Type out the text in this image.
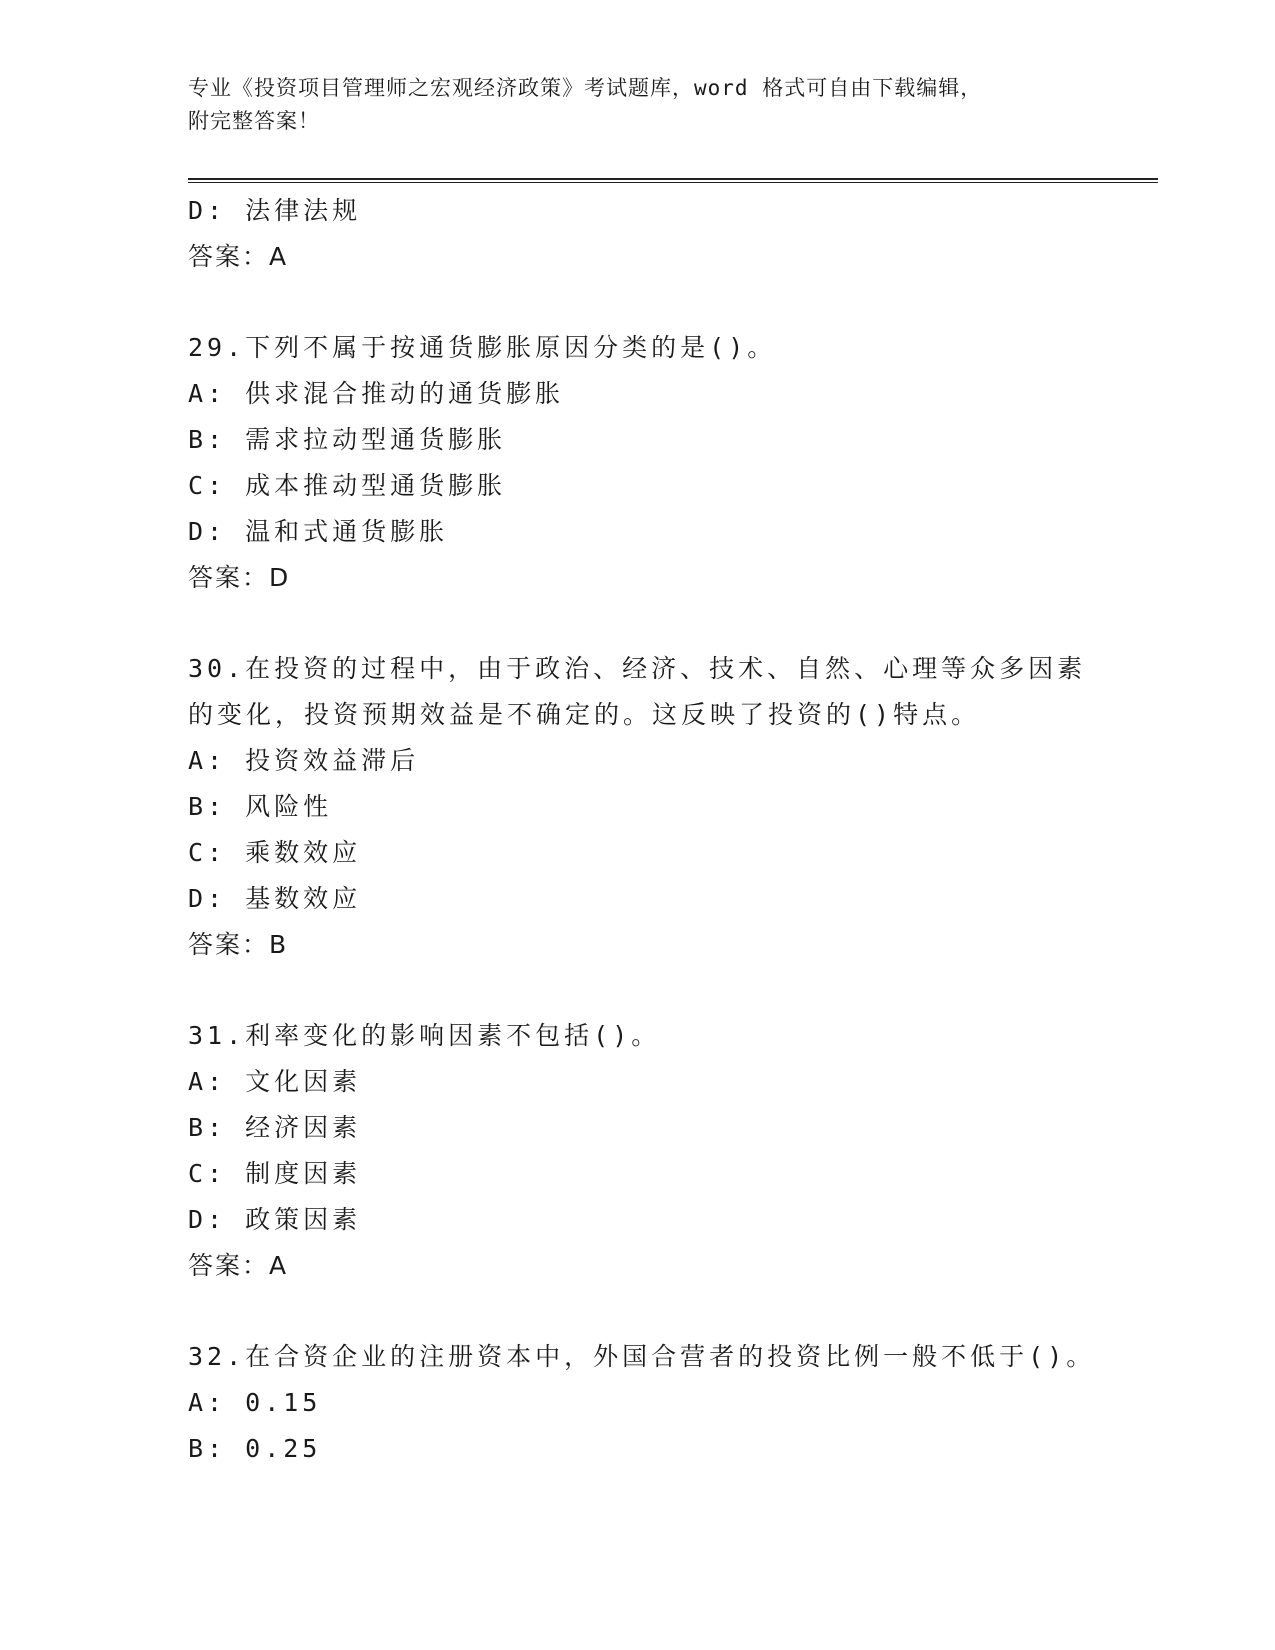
专业《投资项目管理师之宏观经济政策》考试题库，word 格式可自由下载编辑，
附完整答案！
D: 法律法规
答案：A
29.下列不属于按通货膨胀原因分类的是()。
A: 供求混合推动的通货膨胀
B: 需求拉动型通货膨胀
C: 成本推动型通货膨胀
D: 温和式通货膨胀
答案：D
30.在投资的过程中，由于政治、经济、技术、自然、心理等众多因素
的变化，投资预期效益是不确定的。这反映了投资的()特点。
A: 投资效益滞后
B: 风险性
C: 乘数效应
D: 基数效应
答案：B
31.利率变化的影响因素不包括()。
A: 文化因素
B: 经济因素
C: 制度因素
D: 政策因素
答案：A
32.在合资企业的注册资本中，外国合营者的投资比例一般不低于()。
A: 0.15
B: 0.25
